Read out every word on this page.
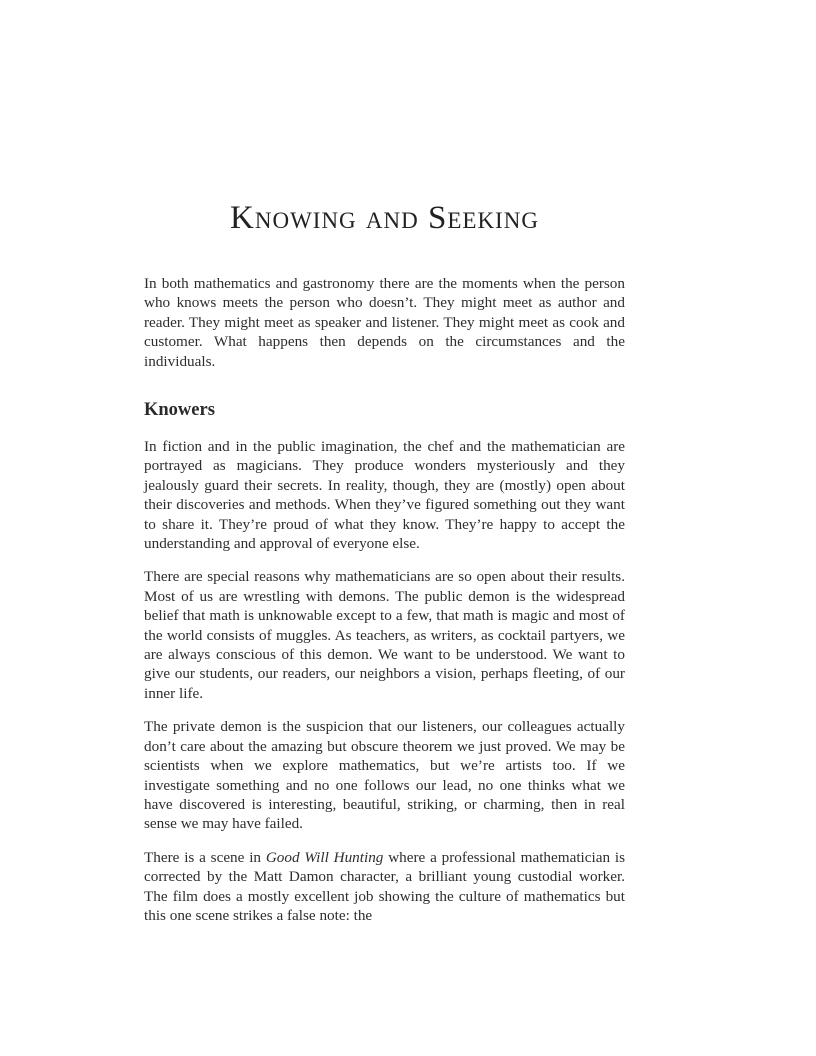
Knowing and Seeking

In both mathematics and gastronomy there are the moments when the person who knows meets the person who doesn’t. They might meet as author and reader. They might meet as speaker and listener. They might meet as cook and customer. What happens then depends on the circumstances and the individuals.

Knowers

In fiction and in the public imagination, the chef and the mathematician are portrayed as magicians. They produce wonders mysteriously and they jealously guard their secrets. In reality, though, they are (mostly) open about their discoveries and methods. When they’ve figured something out they want to share it. They’re proud of what they know. They’re happy to accept the understanding and approval of everyone else.

There are special reasons why mathematicians are so open about their results. Most of us are wrestling with demons. The public demon is the widespread belief that math is unknowable except to a few, that math is magic and most of the world consists of muggles. As teachers, as writers, as cocktail partyers, we are always conscious of this demon. We want to be understood. We want to give our students, our readers, our neighbors a vision, perhaps fleeting, of our inner life.

The private demon is the suspicion that our listeners, our colleagues actually don’t care about the amazing but obscure theorem we just proved. We may be scientists when we explore mathematics, but we’re artists too. If we investigate something and no one follows our lead, no one thinks what we have discovered is interesting, beautiful, striking, or charming, then in real sense we may have failed.

There is a scene in Good Will Hunting where a professional mathematician is corrected by the Matt Damon character, a brilliant young custodial worker. The film does a mostly excellent job showing the culture of mathematics but this one scene strikes a false note: the
